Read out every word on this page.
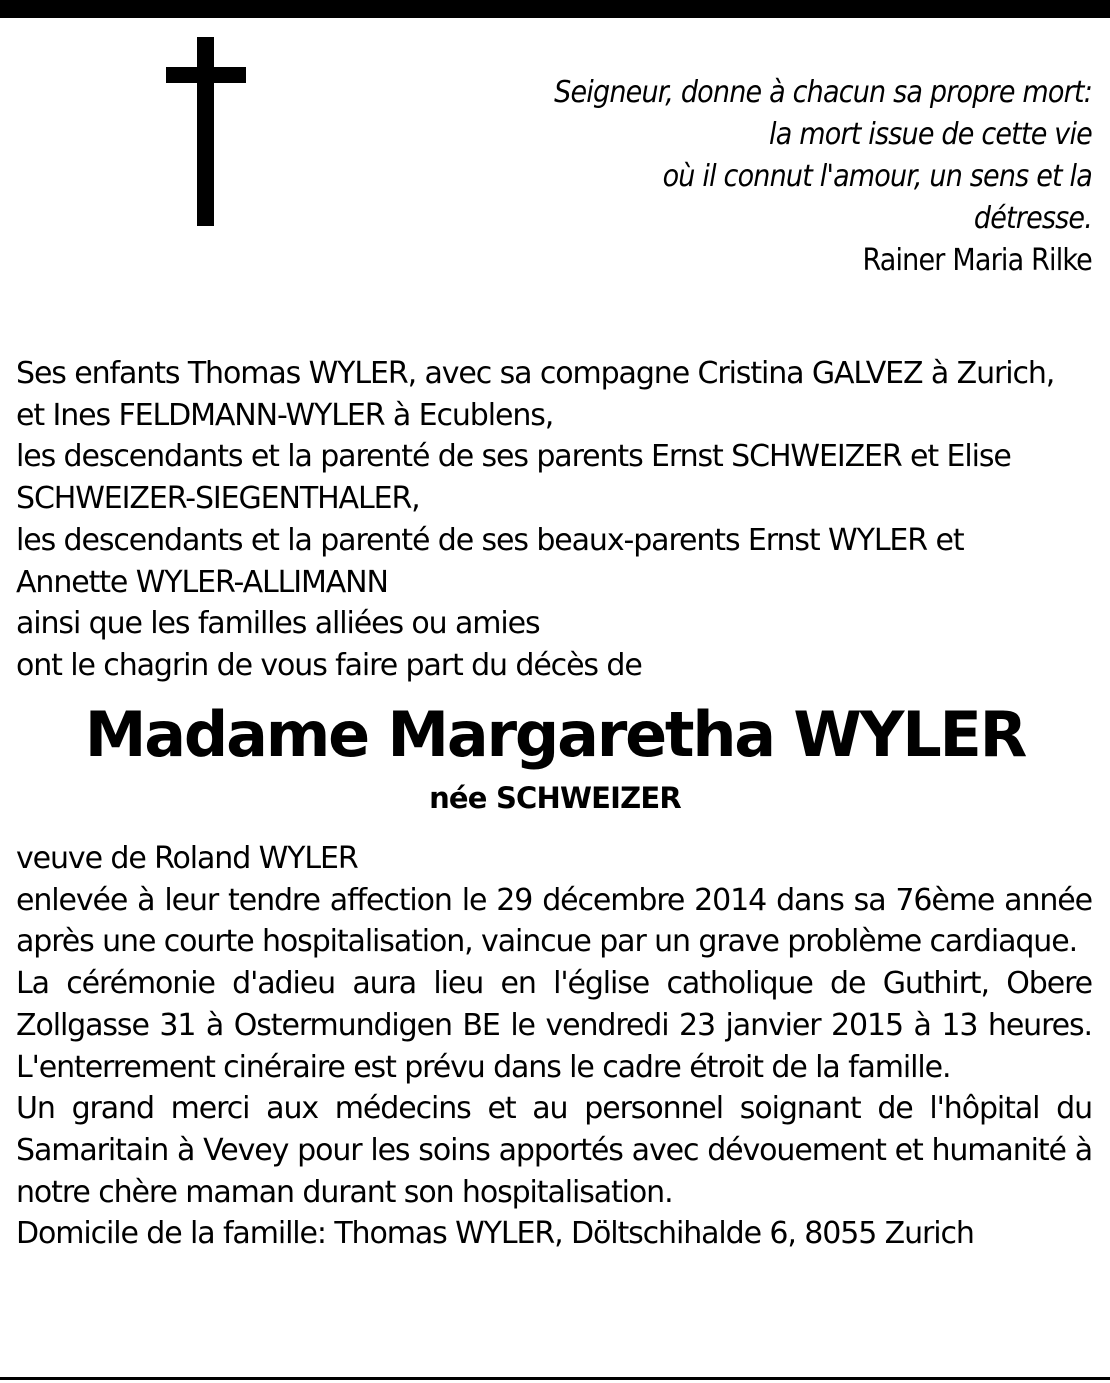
Seigneur, donne à chacun sa propre mort:
la mort issue de cette vie
où il connut l'amour, un sens et la
détresse.
Rainer Maria Rilke
Ses enfants Thomas WYLER, avec sa compagne Cristina GALVEZ à Zurich,
et Ines FELDMANN-WYLER à Ecublens,
les descendants et la parenté de ses parents Ernst SCHWEIZER et Elise
SCHWEIZER-SIEGENTHALER,
les descendants et la parenté de ses beaux-parents Ernst WYLER et
Annette WYLER-ALLIMANN
ainsi que les familles alliées ou amies
ont le chagrin de vous faire part du décès de
Madame Margaretha WYLER
née SCHWEIZER

veuve de Roland WYLER

enlevée à leur tendre affection le 29 décembre 2014 dans sa 76ème année après une courte hospitalisation, vaincue par un grave problème cardiaque.

La cérémonie d'adieu aura lieu en l'église catholique de Guthirt, Obere Zollgasse 31 à Ostermundigen BE le vendredi 23 janvier 2015 à 13 heures. L'enterrement cinéraire est prévu dans le cadre étroit de la famille.

Un grand merci aux médecins et au personnel soignant de l'hôpital du Samaritain à Vevey pour les soins apportés avec dévouement et humanité à notre chère maman durant son hospitalisation.

Domicile de la famille: Thomas WYLER, Döltschihalde 6, 8055 Zurich
